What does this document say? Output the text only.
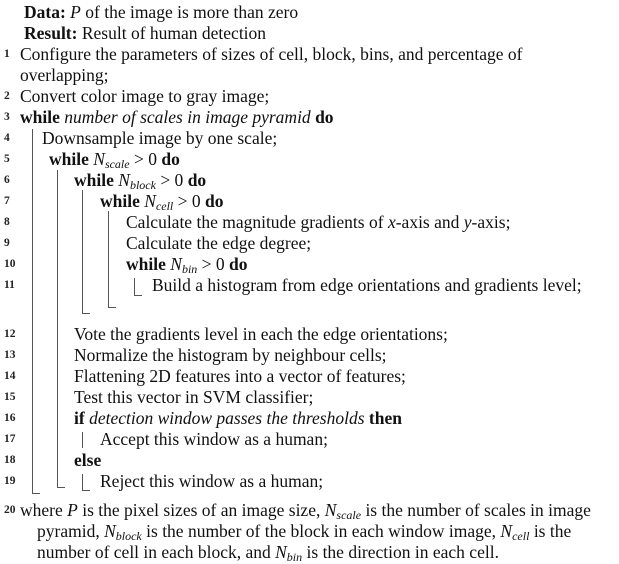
Data: P of the image is more than zero
Result: Result of human detection
1 Configure the parameters of sizes of cell, block, bins, and percentage of
overlapping;
2 Convert color image to gray image;
3 while number of scales in image pyramid do
4	Downsample image by one scale;
5	while $N_{scale} > 0$ do
6	while $N_{block} > 0$ do
7	while $N_{cell} > 0$ do
8	Calculate the magnitude gradients of x-axis and y-axis;
9	Calculate the edge degree;
10	while $N_{bin} > 0$ do
11	Build a histogram from edge orientations and gradients level;
12	Vote the gradients level in each the edge orientations;
13	Normalize the histogram by neighbour cells;
14	Flattening 2D features into a vector of features;
15	Test this vector in SVM classifier;
16	if detection window passes the thresholds then
17	Accept this window as a human;
18	else
19	Reject this window as a human;
20 where P is the pixel sizes of an image size, $N_{scale}$ is the number of scales in image
pyramid, $N_{block}$ is the number of the block in each window image, $N_{cell}$ is the
number of cell in each block, and $N_{bin}$ is the direction in each cell.
